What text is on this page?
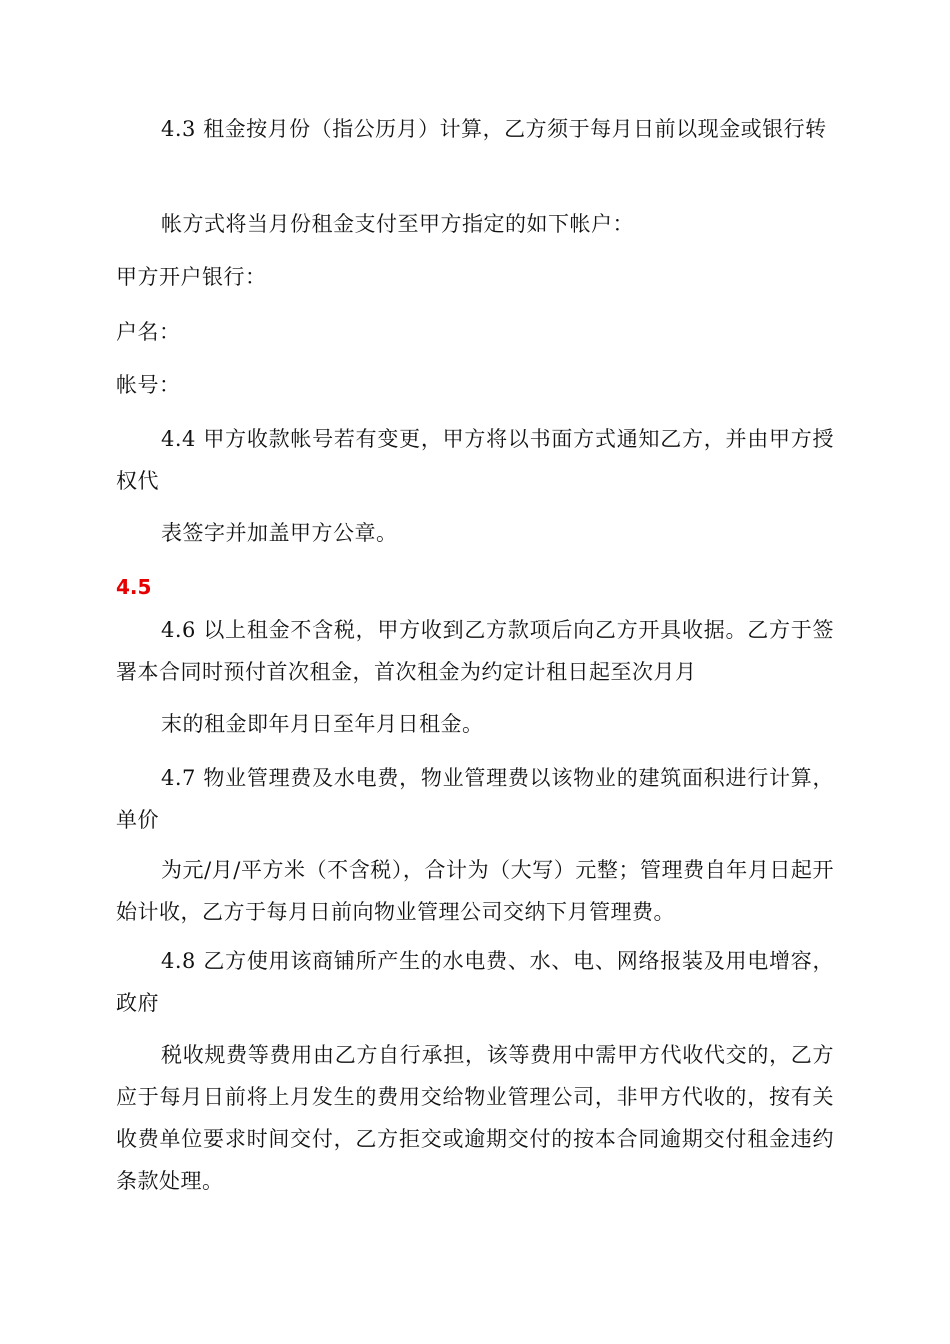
4.3 租金按月份（指公历月）计算，乙方须于每月日前以现金或银行转

帐方式将当月份租金支付至甲方指定的如下帐户：

甲方开户银行：

户名：

帐号：

4.4 甲方收款帐号若有变更，甲方将以书面方式通知乙方，并由甲方授权代

表签字并加盖甲方公章。

4.5

4.6 以上租金不含税，甲方收到乙方款项后向乙方开具收据。乙方于签署本合同时预付首次租金，首次租金为约定计租日起至次月月

末的租金即年月日至年月日租金。

4.7 物业管理费及水电费，物业管理费以该物业的建筑面积进行计算，单价

为元/月/平方米（不含税），合计为（大写）元整；管理费自年月日起开始计收，乙方于每月日前向物业管理公司交纳下月管理费。

4.8 乙方使用该商铺所产生的水电费、水、电、网络报装及用电增容，政府

税收规费等费用由乙方自行承担，该等费用中需甲方代收代交的，乙方应于每月日前将上月发生的费用交给物业管理公司，非甲方代收的，按有关收费单位要求时间交付，乙方拒交或逾期交付的按本合同逾期交付租金违约条款处理。
